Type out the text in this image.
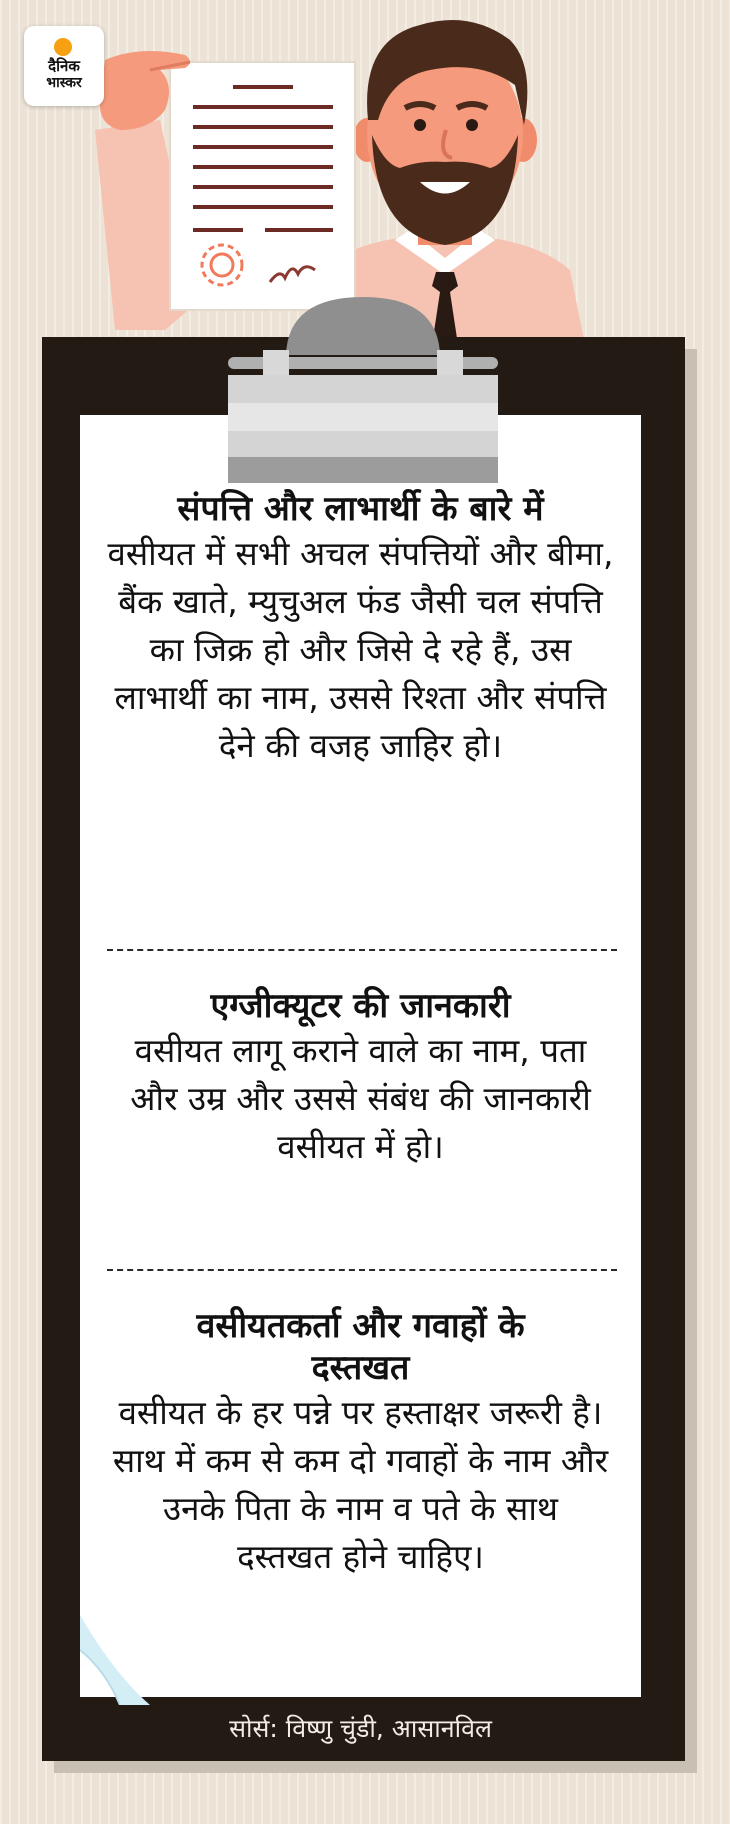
दैनिक
भास्कर
संपत्ति और लाभार्थी के बारे में

वसीयत में सभी अचल संपत्तियों और बीमा, बैंक खाते, म्युचुअल फंड जैसी चल संपत्ति का जिक्र हो और जिसे दे रहे हैं, उस लाभार्थी का नाम, उससे रिश्ता और संपत्ति देने की वजह जाहिर हो।

एग्जीक्यूटर की जानकारी

वसीयत लागू कराने वाले का नाम, पता और उम्र और उससे संबंध की जानकारी वसीयत में हो।

वसीयतकर्ता और गवाहों के दस्तखत

वसीयत के हर पन्ने पर हस्ताक्षर जरूरी है। साथ में कम से कम दो गवाहों के नाम और उनके पिता के नाम व पते के साथ दस्तखत होने चाहिए।

सोर्स: विष्णु चुंडी, आसानविल
